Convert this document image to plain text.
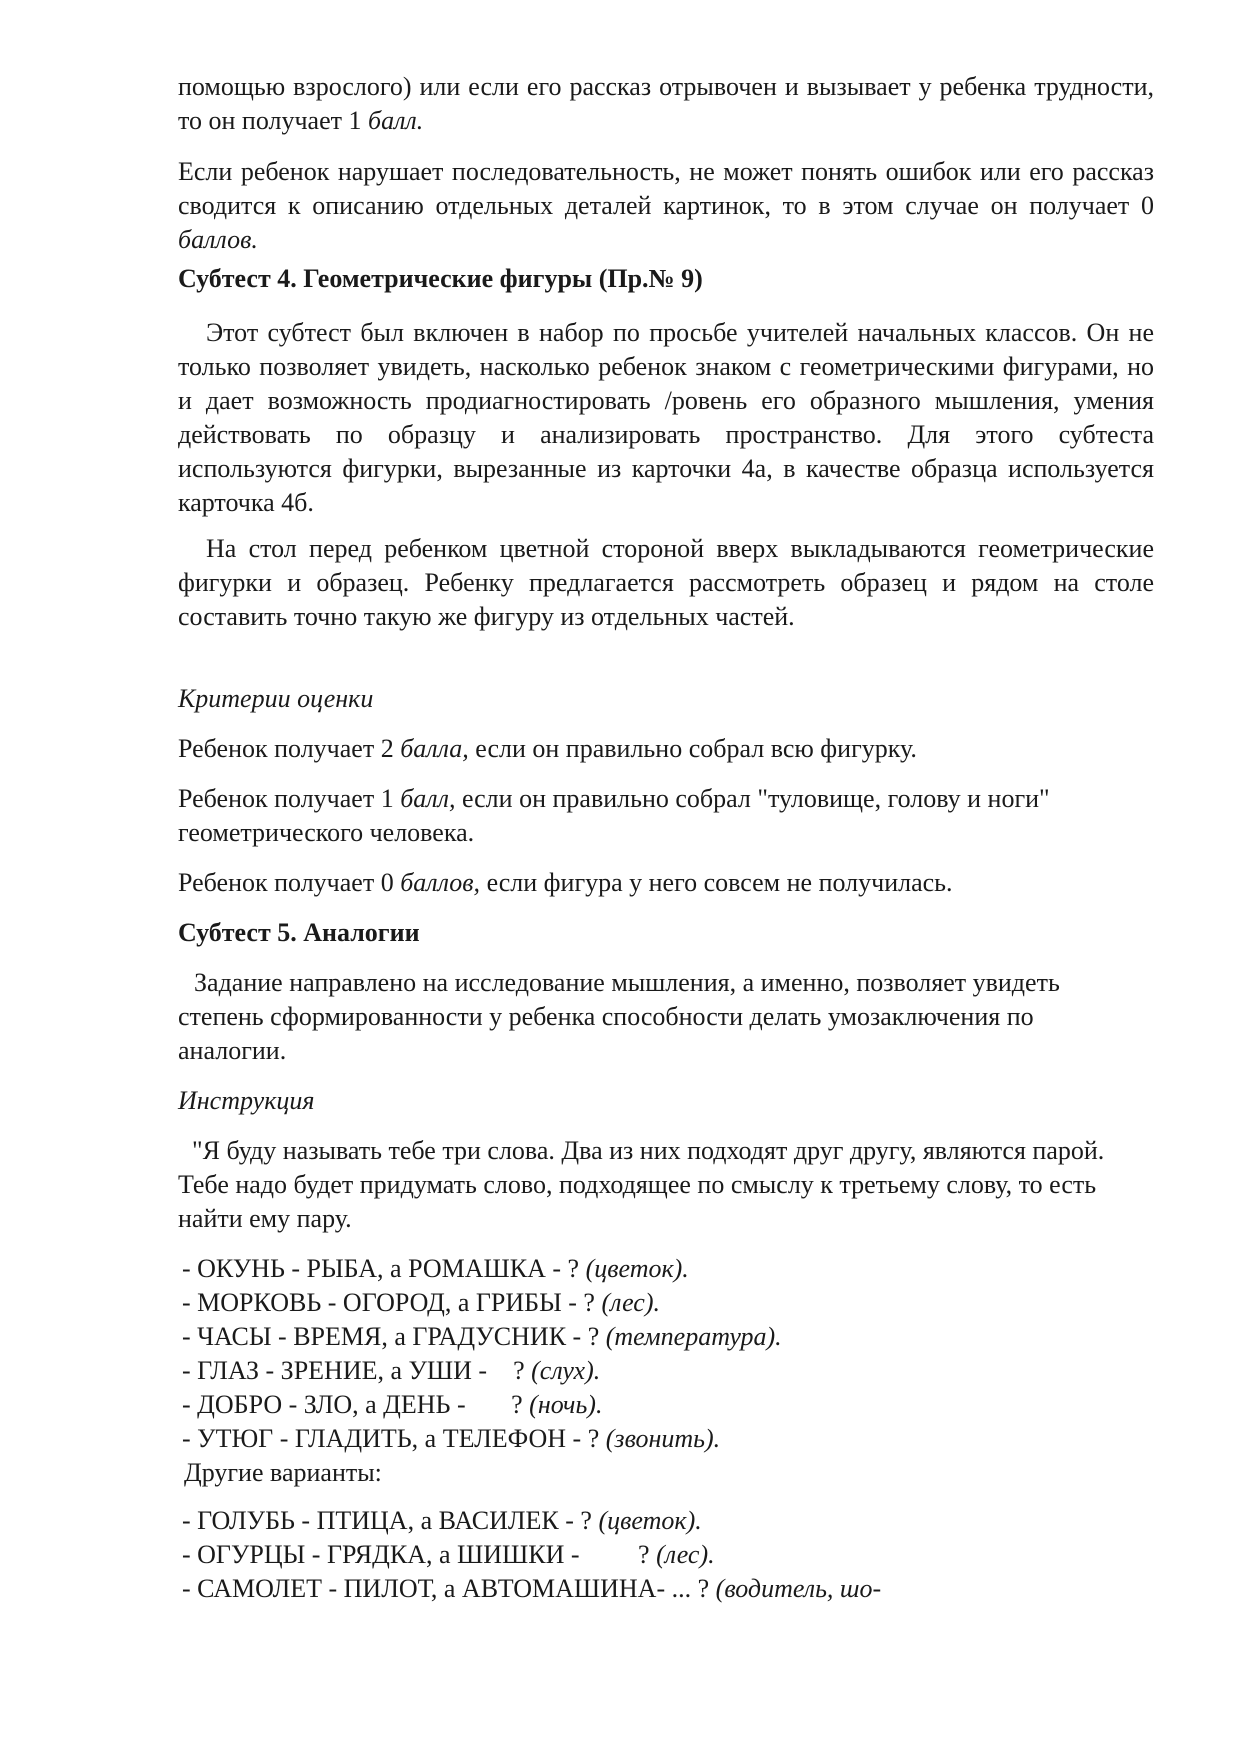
помощью взрослого) или если его рассказ отрывочен и вызывает у ребенка трудности, то он получает 1 балл.

Если ребенок нарушает последовательность, не может понять ошибок или его рассказ сводится к описанию отдельных деталей картинок, то в этом случае он получает 0 баллов.

Субтест 4. Геометрические фигуры (Пр.№ 9)

Этот субтест был включен в набор по просьбе учителей начальных классов. Он не только позволяет увидеть, насколько ребенок знаком с геометрическими фигурами, но и дает возможность продиагностировать /ровень его образного мышления, умения действовать по образцу и анализировать пространство. Для этого субтеста используются фигурки, вырезанные из карточки 4а, в качестве образца используется карточка 4б.

На стол перед ребенком цветной стороной вверх выкладываются геометрические фигурки и образец. Ребенку предлагается рассмотреть образец и рядом на столе составить точно такую же фигуру из отдельных частей.

Критерии оценки

Ребенок получает 2 балла, если он правильно собрал всю фигурку.

Ребенок получает 1 балл, если он правильно собрал "туловище, голову и ноги" геометрического человека.

Ребенок получает 0 баллов, если фигура у него совсем не получилась.

Субтест 5. Аналогии

Задание направлено на исследование мышления, а именно, позволяет увидеть степень сформированности у ребенка способности делать умозаключения по аналогии.

Инструкция

"Я буду называть тебе три слова. Два из них подходят друг другу, являются парой. Тебе надо будет придумать слово, подходящее по смыслу к третьему слову, то есть найти ему пару.

- ОКУНЬ - РЫБА, а РОМАШКА - ? (цветок).

- МОРКОВЬ - ОГОРОД, а ГРИБЫ - ? (лес).

- ЧАСЫ - ВРЕМЯ, а ГРАДУСНИК - ? (температура).

- ГЛАЗ - ЗРЕНИЕ, а УШИ -    ? (слух).

- ДОБРО - ЗЛО, а ДЕНЬ -       ? (ночь).

- УТЮГ - ГЛАДИТЬ, а ТЕЛЕФОН - ? (звонить).

Другие варианты:

- ГОЛУБЬ - ПТИЦА, а ВАСИЛЕК - ? (цветок).

- ОГУРЦЫ - ГРЯДКА, а ШИШКИ -         ? (лес).

- САМОЛЕТ - ПИЛОТ, а АВТОМАШИНА- ... ? (водитель, шо-
